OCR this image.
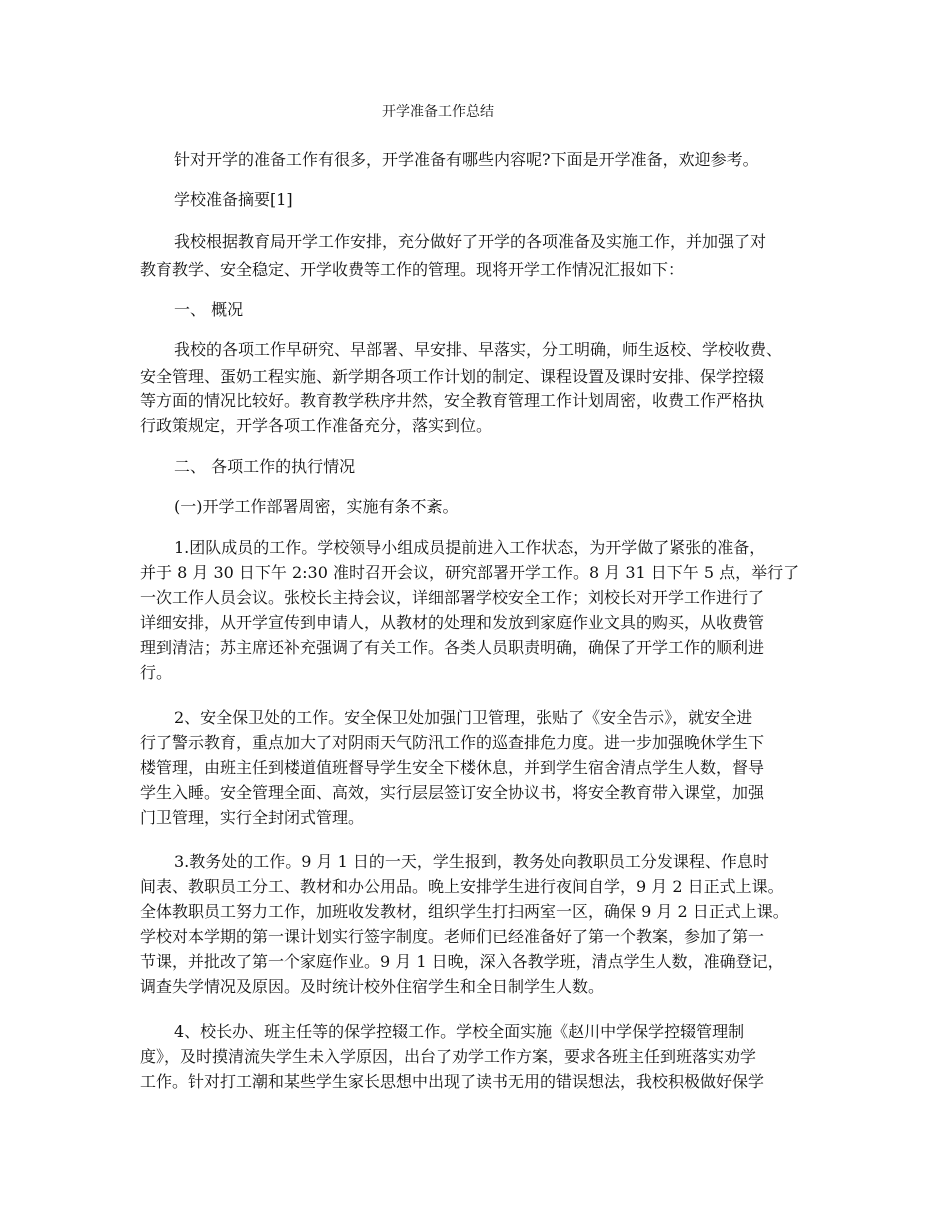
开学准备工作总结
针对开学的准备工作有很多，开学准备有哪些内容呢?下面是开学准备，欢迎参考。
学校准备摘要[1]
我校根据教育局开学工作安排，充分做好了开学的各项准备及实施工作，并加强了对
教育教学、安全稳定、开学收费等工作的管理。现将开学工作情况汇报如下：
一、 概况
我校的各项工作早研究、早部署、早安排、早落实，分工明确，师生返校、学校收费、
安全管理、蛋奶工程实施、新学期各项工作计划的制定、课程设置及课时安排、保学控辍
等方面的情况比较好。教育教学秩序井然，安全教育管理工作计划周密，收费工作严格执
行政策规定，开学各项工作准备充分，落实到位。
二、 各项工作的执行情况
(一)开学工作部署周密，实施有条不紊。
1.团队成员的工作。学校领导小组成员提前进入工作状态，为开学做了紧张的准备，
并于 8 月 30 日下午 2:30 准时召开会议，研究部署开学工作。8 月 31 日下午 5 点，举行了
一次工作人员会议。张校长主持会议，详细部署学校安全工作；刘校长对开学工作进行了
详细安排，从开学宣传到申请人，从教材的处理和发放到家庭作业文具的购买，从收费管
理到清洁；苏主席还补充强调了有关工作。各类人员职责明确，确保了开学工作的顺利进
行。
2、安全保卫处的工作。安全保卫处加强门卫管理，张贴了《安全告示》，就安全进
行了警示教育，重点加大了对阴雨天气防汛工作的巡查排危力度。进一步加强晚休学生下
楼管理，由班主任到楼道值班督导学生安全下楼休息，并到学生宿舍清点学生人数，督导
学生入睡。安全管理全面、高效，实行层层签订安全协议书，将安全教育带入课堂，加强
门卫管理，实行全封闭式管理。
3.教务处的工作。9 月 1 日的一天，学生报到，教务处向教职员工分发课程、作息时
间表、教职员工分工、教材和办公用品。晚上安排学生进行夜间自学，9 月 2 日正式上课。
全体教职员工努力工作，加班收发教材，组织学生打扫两室一区，确保 9 月 2 日正式上课。
学校对本学期的第一课计划实行签字制度。老师们已经准备好了第一个教案，参加了第一
节课，并批改了第一个家庭作业。9 月 1 日晚，深入各教学班，清点学生人数，准确登记，
调查失学情况及原因。及时统计校外住宿学生和全日制学生人数。
4、校长办、班主任等的保学控辍工作。学校全面实施《赵川中学保学控辍管理制
度》，及时摸清流失学生未入学原因，出台了劝学工作方案，要求各班主任到班落实劝学
工作。针对打工潮和某些学生家长思想中出现了读书无用的错误想法，我校积极做好保学
